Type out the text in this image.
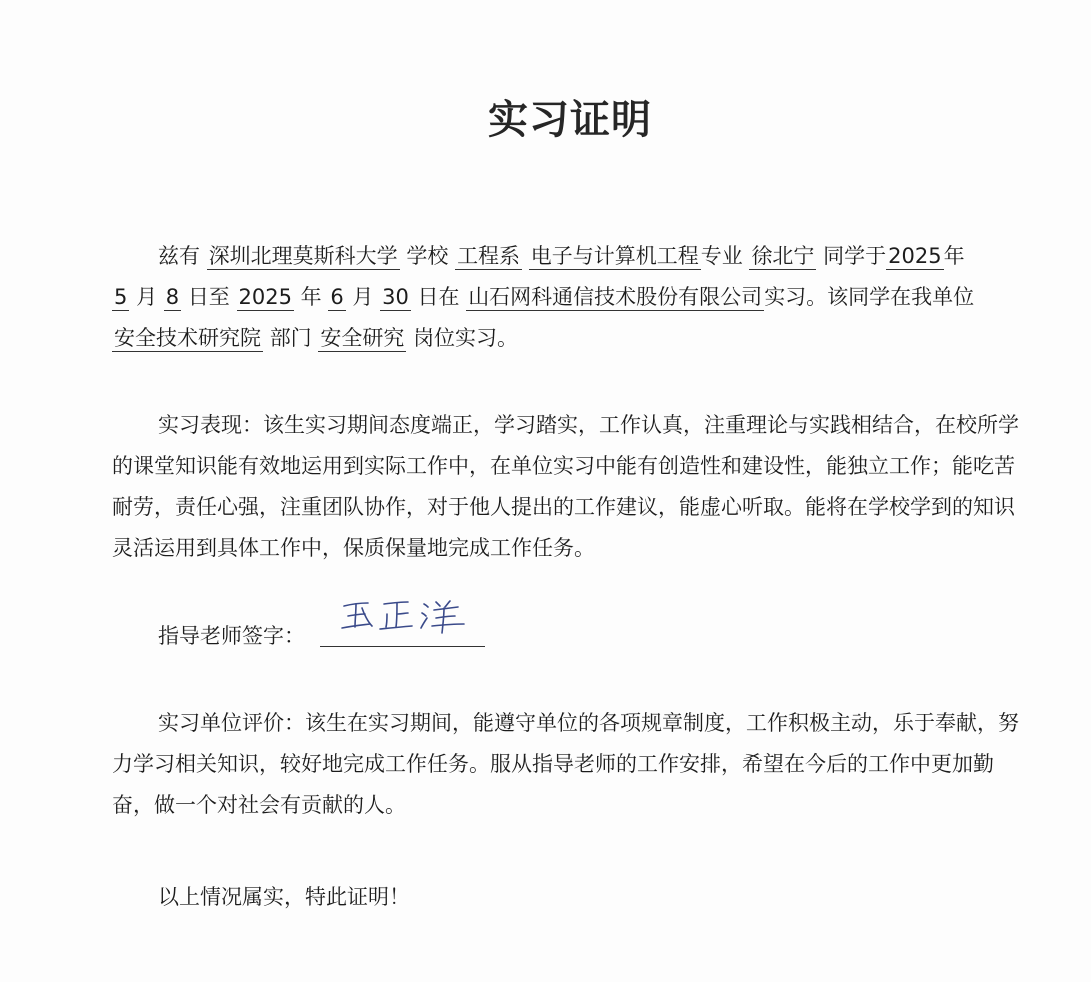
实习证明

兹有 深圳北理莫斯科大学 学校 工程系 电子与计算机工程专业 徐北宁 同学于2025年
5 月 8 日至 2025 年 6 月 30 日在 山石网科通信技术股份有限公司实习。该同学在我单位
安全技术研究院 部门 安全研究 岗位实习。

实习表现：该生实习期间态度端正，学习踏实，工作认真，注重理论与实践相结合，在校所学的课堂知识能有效地运用到实际工作中，在单位实习中能有创造性和建设性，能独立工作；能吃苦耐劳，责任心强，注重团队协作，对于他人提出的工作建议，能虚心听取。能将在学校学到的知识灵活运用到具体工作中，保质保量地完成工作任务。

指导老师签字：

实习单位评价：该生在实习期间，能遵守单位的各项规章制度，工作积极主动，乐于奉献，努力学习相关知识，较好地完成工作任务。服从指导老师的工作安排，希望在今后的工作中更加勤奋，做一个对社会有贡献的人。

以上情况属实，特此证明！
